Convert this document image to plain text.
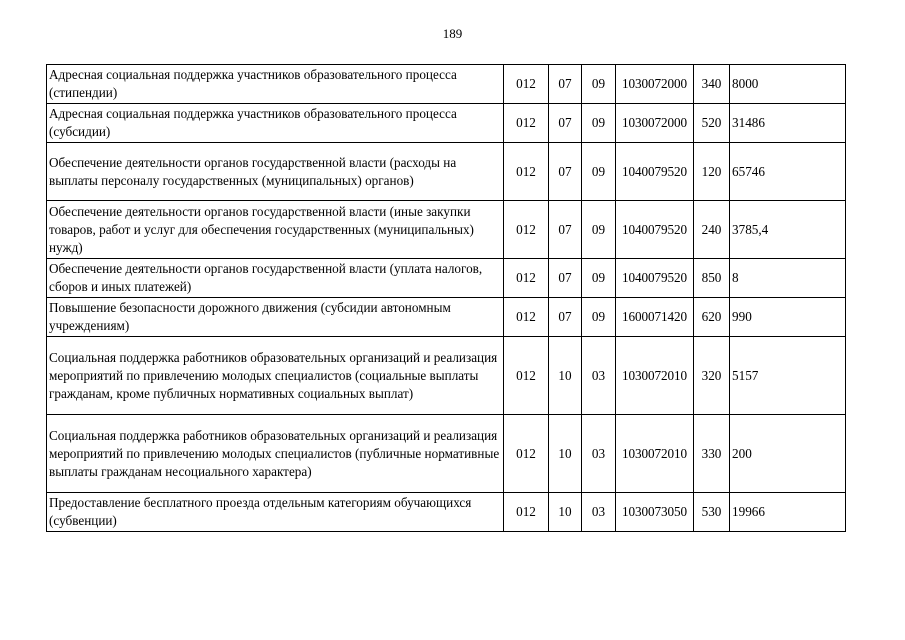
189
Адресная социальная поддержка участников образовательного процесса (стипендии)	012	07	09	1030072000	340	8000
Адресная социальная поддержка участников образовательного процесса (субсидии)	012	07	09	1030072000	520	31486
Обеспечение деятельности органов государственной власти (расходы на выплаты персоналу государственных (муниципальных) органов)	012	07	09	1040079520	120	65746
Обеспечение деятельности органов государственной власти (иные закупки товаров, работ и услуг для обеспечения государственных (муниципальных) нужд)	012	07	09	1040079520	240	3785,4
Обеспечение деятельности органов государственной власти (уплата налогов, сборов и иных платежей)	012	07	09	1040079520	850	8
Повышение безопасности дорожного движения (субсидии автономным учреждениям)	012	07	09	1600071420	620	990
Социальная поддержка работников образовательных организаций и реализация мероприятий по привлечению молодых специалистов (социальные выплаты гражданам, кроме публичных нормативных социальных выплат)	012	10	03	1030072010	320	5157
Социальная поддержка работников образовательных организаций и реализация мероприятий по привлечению молодых специалистов (публичные нормативные выплаты гражданам несоциального характера)	012	10	03	1030072010	330	200
Предоставление бесплатного проезда отдельным категориям обучающихся (субвенции)	012	10	03	1030073050	530	19966
